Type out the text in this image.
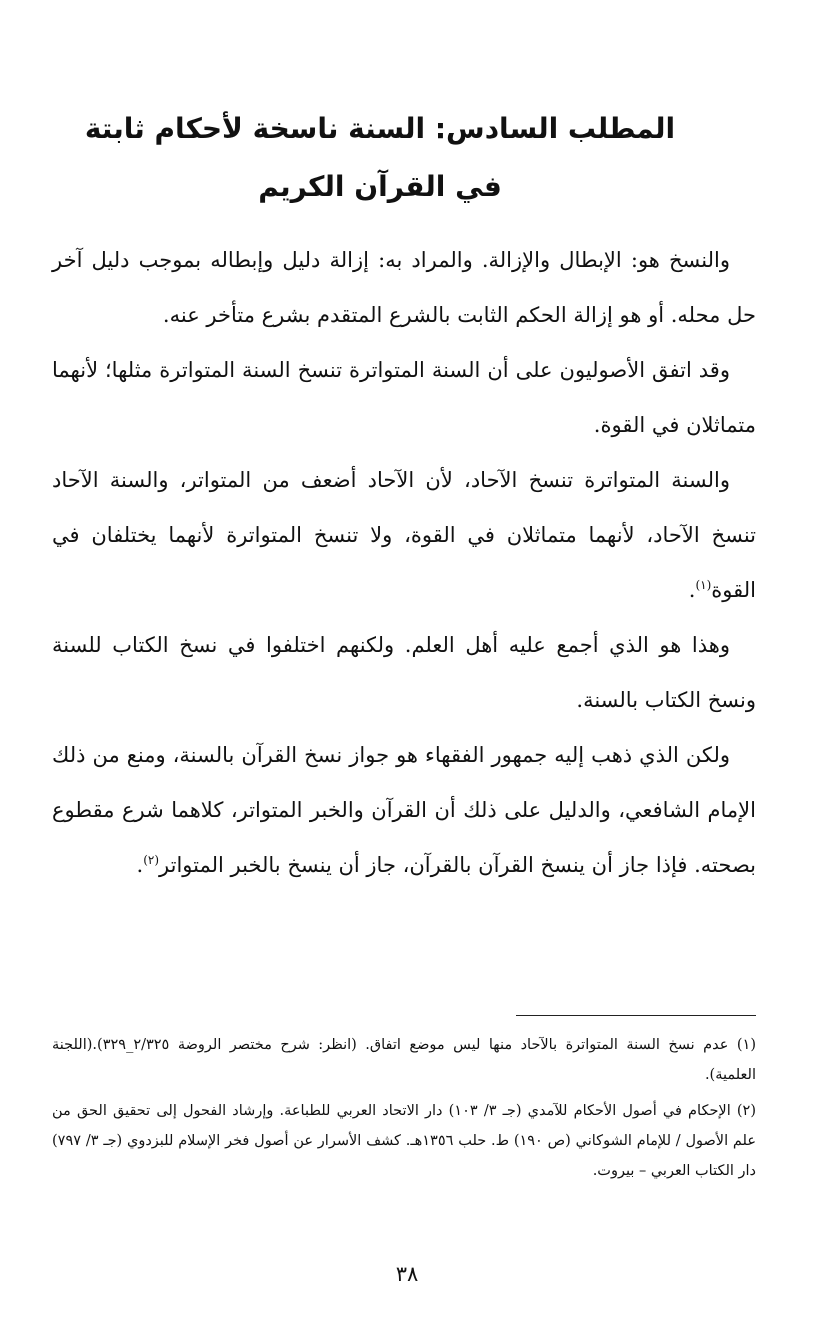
المطلب السادس: السنة ناسخة لأحكام ثابتة في القرآن الكريم

والنسخ هو: الإبطال والإزالة. والمراد به: إزالة دليل وإبطاله بموجب دليل آخر حل محله. أو هو إزالة الحكم الثابت بالشرع المتقدم بشرع متأخر عنه.

وقد اتفق الأصوليون على أن السنة المتواترة تنسخ السنة المتواترة مثلها؛ لأنهما متماثلان في القوة.

والسنة المتواترة تنسخ الآحاد، لأن الآحاد أضعف من المتواتر، والسنة الآحاد تنسخ الآحاد، لأنهما متماثلان في القوة، ولا تنسخ المتواترة لأنهما يختلفان في القوة$^{(١)}$.

وهذا هو الذي أجمع عليه أهل العلم. ولكنهم اختلفوا في نسخ الكتاب للسنة ونسخ الكتاب بالسنة.

ولكن الذي ذهب إليه جمهور الفقهاء هو جواز نسخ القرآن بالسنة، ومنع من ذلك الإمام الشافعي، والدليل على ذلك أن القرآن والخبر المتواتر، كلاهما شرع مقطوع بصحته. فإذا جاز أن ينسخ القرآن بالقرآن، جاز أن ينسخ بالخبر المتواتر$^{(٢)}$.

(١) عدم نسخ السنة المتواترة بالآحاد منها ليس موضع اتفاق. (انظر: شرح مختصر الروضة ٢/٣٢٥_٣٢٩).(اللجنة العلمية).

(٢) الإحكام في أصول الأحكام للآمدي (جـ ٣/ ١٠٣) دار الاتحاد العربي للطباعة. وإرشاد الفحول إلى تحقيق الحق من علم الأصول / للإمام الشوكاني (ص ١٩٠) ط. حلب ١٣٥٦هـ. كشف الأسرار عن أصول فخر الإسلام للبزدوي (جـ ٣/ ٧٩٧) دار الكتاب العربي – بيروت.

٣٨
